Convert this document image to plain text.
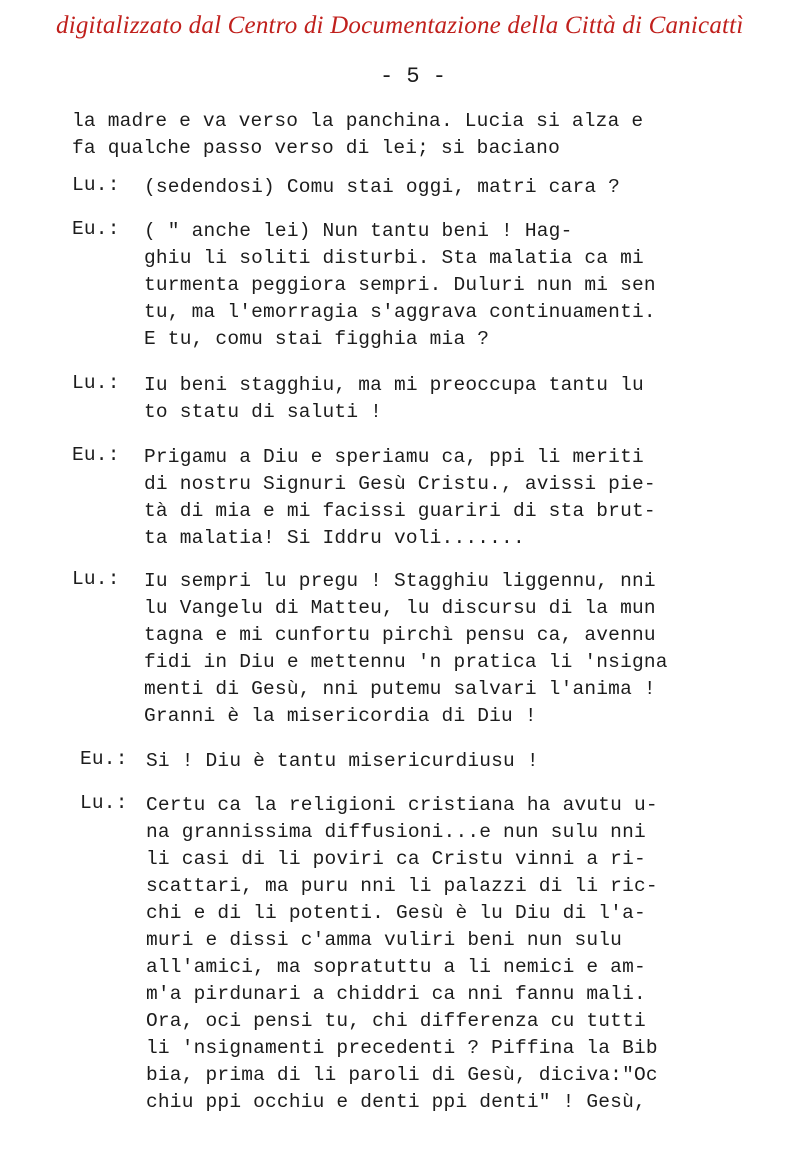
digitalizzato dal Centro di Documentazione della Città di Canicattì
- 5 -
la madre e va verso la panchina. Lucia si alza e
fa qualche passo verso di lei; si baciano
Lu.: (sedendosi) Comu stai oggi, matri cara ?
Eu.: ( " anche lei) Nun tantu beni ! Hag-
ghiu li soliti disturbi. Sta malatia ca mi
turmenta peggiora sempri. Duluri nun mi sen
tu, ma l'emorragia s'aggrava continuamenti.
E tu, comu stai figghia mia ?
Lu.: Iu beni stagghiu, ma mi preoccupa tantu lu
to statu di saluti !
Eu.: Prigamu a Diu e speriamu ca, ppi li meriti
di nostru Signuri Gesù Cristu., avissi pie-
tà di mia e mi facissi guariri di sta brut-
ta malatia! Si Iddru voli.......
Lu.: Iu sempri lu pregu ! Stagghiu liggennu, nni
lu Vangelu di Matteu, lu discursu di la mun
tagna e mi cunfortu pirchì pensu ca, avennu
fidi in Diu e mettennu 'n pratica li 'nsigna
menti di Gesù, nni putemu salvari l'anima !
Granni è la misericordia di Diu !
Eu.: Si ! Diu è tantu misericurdiusu !
Lu.: Certu ca la religioni cristiana ha avutu u-
na grannissima diffusioni...e nun sulu nni
li casi di li poviri ca Cristu vinni a ri-
scattari, ma puru nni li palazzi di li ric-
chi e di li potenti. Gesù è lu Diu di l'a-
muri e dissi c'amma vuliri beni nun sulu
all'amici, ma sopratuttu a li nemici e am-
m'a pirdunari a chiddri ca nni fannu mali.
Ora, oci pensi tu, chi differenza cu tutti
li 'nsignamenti precedenti ? Piffina la Bib
bia, prima di li paroli di Gesù, diciva:"Oc
chiu ppi occhiu e denti ppi denti" ! Gesù,
